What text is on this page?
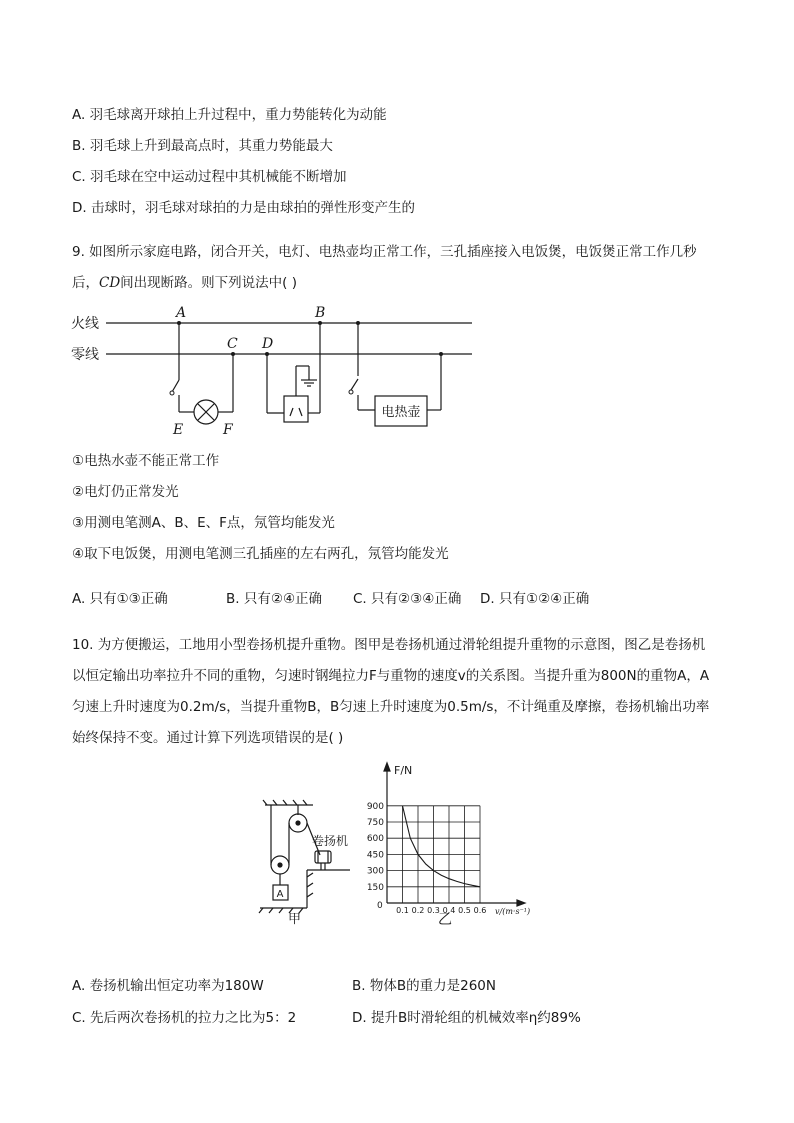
A. 羽毛球离开球拍上升过程中，重力势能转化为动能
B. 羽毛球上升到最高点时，其重力势能最大
C. 羽毛球在空中运动过程中其机械能不断增加
D. 击球时，羽毛球对球拍的力是由球拍的弹性形变产生的
9. 如图所示家庭电路，闭合开关，电灯、电热壶均正常工作，三孔插座接入电饭煲，电饭煲正常工作几秒
后，CD间出现断路。则下列说法中( )
火线
零线
A	B
C D
E	F
电热壶
①电热水壶不能正常工作
②电灯仍正常发光
③用测电笔测A、B、E、F点，氖管均能发光
④取下电饭煲，用测电笔测三孔插座的左右两孔，氖管均能发光
A. 只有①③正确	B. 只有②④正确 C. 只有②③④正确 D. 只有①②④正确
10. 为方便搬运，工地用小型卷扬机提升重物。图甲是卷扬机通过滑轮组提升重物的示意图，图乙是卷扬机
以恒定输出功率拉升不同的重物，匀速时钢绳拉力F与重物的速度v的关系图。当提升重为800N的重物A，A
匀速上升时速度为0.2m/s，当提升重物B，B匀速上升时速度为0.5m/s，不计绳重及摩擦，卷扬机输出功率
始终保持不变。通过计算下列选项错误的是( )
A
卷扬机
甲
150
300
450
600
750
900
0.1 0.2 0.3 0.4 0.5 0.6
F/N
v/(m·s⁻¹)
0
乙
A. 卷扬机输出恒定功率为180W	B. 物体B的重力是260N
C. 先后两次卷扬机的拉力之比为5：2	D. 提升B时滑轮组的机械效率η约89%
